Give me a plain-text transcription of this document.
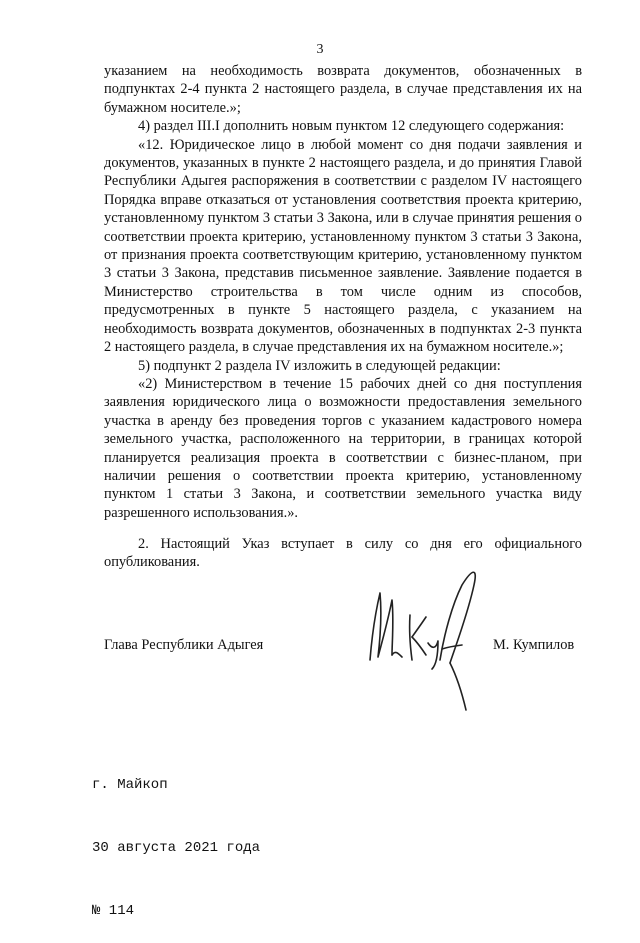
3

указанием на необходимость возврата документов, обозначенных в подпунктах 2-4 пункта 2 настоящего раздела, в случае представления их на бумажном носителе.»;

4) раздел III.I дополнить новым пунктом 12 следующего содержания:

«12. Юридическое лицо в любой момент со дня подачи заявления и документов, указанных в пункте 2 настоящего раздела, и до принятия Главой Республики Адыгея распоряжения в соответствии с разделом IV настоящего Порядка вправе отказаться от установления соответствия проекта критерию, установленному пунктом 3 статьи 3 Закона, или в случае принятия решения о соответствии проекта критерию, установленному пунктом 3 статьи 3 Закона, от признания проекта соответствующим критерию, установленному пунктом 3 статьи 3 Закона, представив письменное заявление. Заявление подается в Министерство строительства в том числе одним из способов, предусмотренных в пункте 5 настоящего раздела, с указанием на необходимость возврата документов, обозначенных в подпунктах 2-3 пункта 2 настоящего раздела, в случае представления их на бумажном носителе.»;

5) подпункт 2 раздела IV изложить в следующей редакции:

«2) Министерством в течение 15 рабочих дней со дня поступления заявления юридического лица о возможности предоставления земельного участка в аренду без проведения торгов с указанием кадастрового номера земельного участка, расположенного на территории, в границах которой планируется реализация проекта в соответствии с бизнес-планом, при наличии решения о соответствии проекта критерию, установленному пунктом 1 статьи 3 Закона, и соответствии земельного участка виду разрешенного использования.».

2. Настоящий Указ вступает в силу со дня его официального опубликования.

Глава Республики Адыгея	М. Кумпилов

г. Майкоп

30 августа 2021 года

№ 114
